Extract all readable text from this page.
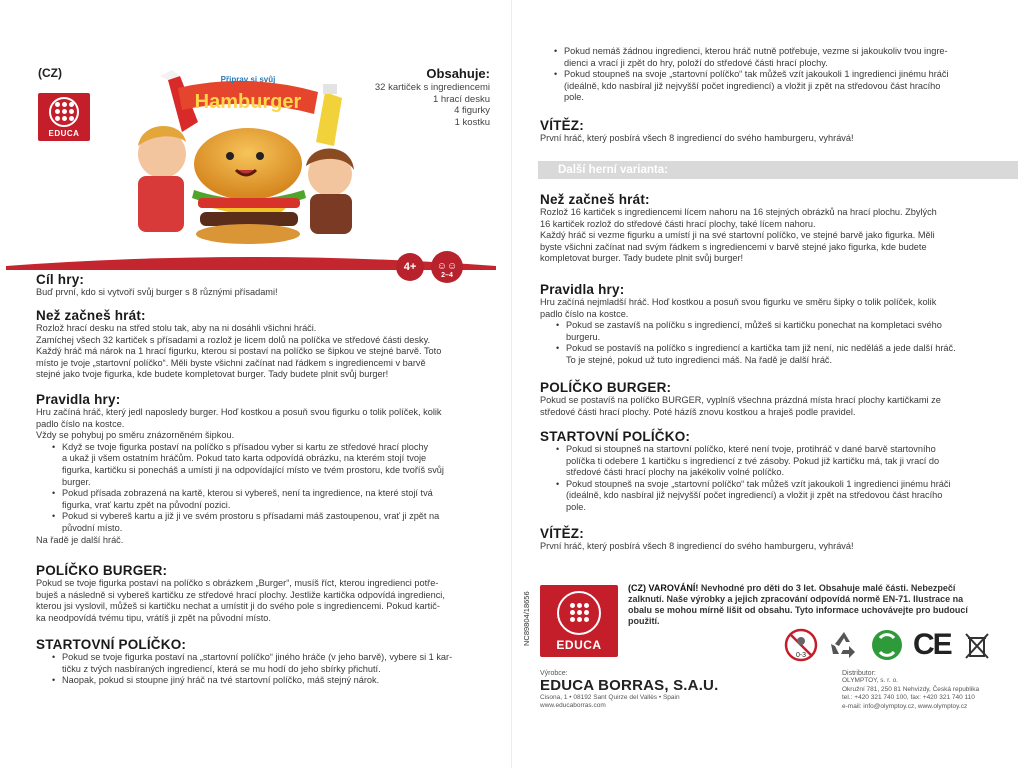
(CZ)
EDUCA
Hamburger
Připrav si svůj	Obsahuje:
32 kartiček s ingrediencemi
1 hrací desku
4 figurky
1 kostku
4+	☺☺
2–4
Cíl hry:

Buď první, kdo si vytvoří svůj burger s 8 různými přísadami!

Než začneš hrát:

Rozlož hrací desku na střed stolu tak, aby na ni dosáhli všichni hráči.

Zamíchej všech 32 kartiček s přísadami a rozlož je licem dolů na políčka ve středové části desky.

Každý hráč má nárok na 1 hrací figurku, kterou si postaví na políčko se šipkou ve stejné barvě. Toto

místo je tvoje „startovní políčko“. Měli byste všichni začínat nad řádkem s ingrediencemi v barvě

stejné jako tvoje figurka, kde budete kompletovat burger. Tady budete plnit svůj burger!

Pravidla hry:

Hru začíná hráč, který jedl naposledy burger. Hoď kostkou a posuň svou figurku o tolik políček, kolik

padlo číslo na kostce.

Vždy se pohybuj po směru znázorněném šipkou.

• Když se tvoje figurka postaví na políčko s přísadou vyber si kartu ze středové hrací plochy

a ukaž ji všem ostatním hráčům. Pokud tato karta odpovídá obrázku, na kterém stojí tvoje

figurka, kartičku si ponecháš a umísti ji na odpovídající místo ve tvém prostoru, kde tvoříš svůj

burger.

• Pokud přísada zobrazená na kartě, kterou si vybereš, není ta ingredience, na které stojí tvá

figurka, vrať kartu zpět na původní pozici.

• Pokud si vybereš kartu a již ji ve svém prostoru s přísadami máš zastoupenou, vrať ji zpět na

původní místo.

Na řadě je další hráč.

POLÍČKO BURGER:

Pokud se tvoje figurka postaví na políčko s obrázkem „Burger“, musíš říct, kterou ingredienci potře-

buješ a následně si vybereš kartičku ze středové hrací plochy. Jestliže kartička odpovídá ingredienci,

kterou jsi vyslovil, můžeš si kartičku nechat a umístit ji do svého pole s ingrediencemi. Pokud kartič-

ka neodpovídá tvému tipu, vrátíš ji zpět na původní místo.

STARTOVNÍ POLÍČKO:

• Pokud se tvoje figurka postaví na „startovní políčko“ jiného hráče (v jeho barvě), vybere si 1 kar-

tičku z tvých nasbíraných ingrediencí, která se mu hodí do jeho sbírky přichutí.

• Naopak, pokud si stoupne jiný hráč na tvé startovní políčko, máš stejný nárok.

• Pokud nemáš žádnou ingredienci, kterou hráč nutně potřebuje, vezme si jakoukoliv tvou ingre-

dienci a vrací ji zpět do hry, položí do středové části hrací plochy.

• Pokud stoupneš na svoje „startovní políčko“ tak můžeš vzít jakoukoli 1 ingredienci jinému hráči

(ideálně, kdo nasbíral již nejvyšší počet ingrediencí) a vložit ji zpět na středovou část hracího

pole.

VÍTĚZ:

První hráč, který posbírá všech 8 ingrediencí do svého hamburgeru, vyhrává!

Další herní varianta:
Než začneš hrát:

Rozlož 16 kartiček s ingrediencemi lícem nahoru na 16 stejných obrázků na hrací plochu. Zbylých

16 kartiček rozlož do středové části hrací plochy, také lícem nahoru.

Každý hráč si vezme figurku a umístí ji na své startovní políčko, ve stejné barvě jako figurka. Měli

byste všichni začínat nad svým řádkem s ingrediencemi v barvě stejné jako figurka, kde budete

kompletovat burger. Tady budete plnit svůj burger!

Pravidla hry:

Hru začíná nejmladší hráč. Hoď kostkou a posuň svou figurku ve směru šipky o tolik políček, kolik

padlo číslo na kostce.

• Pokud se zastavíš na políčku s ingrediencí, můžeš si kartičku ponechat na kompletaci svého

burgeru.

• Pokud se postavíš na políčko s ingrediencí a kartička tam již není, nic neděláš a jede další hráč.

To je stejné, pokud už tuto ingredienci máš. Na řadě je další hráč.

POLÍČKO BURGER:

Pokud se postavíš na políčko BURGER, vyplníš všechna prázdná místa hrací plochy kartičkami ze

středové části hrací plochy. Poté házíš znovu kostkou a hraješ podle pravidel.

STARTOVNÍ POLÍČKO:

• Pokud si stoupneš na startovní políčko, které není tvoje, protihráč v dané barvě startovního

políčka ti odebere 1 kartičku s ingrediencí z tvé zásoby. Pokud již kartičku má, tak ji vrací do

středové části hrací plochy na jakékoliv volné políčko.

• Pokud stoupneš na svoje „startovní políčko“ tak můžeš vzít jakoukoli 1 ingredienci jinému hráči

(ideálně, kdo nasbíral již nejvyšší počet ingrediencí) a vložit ji zpět na středovou část hracího

pole.

VÍTĚZ:

První hráč, který posbírá všech 8 ingrediencí do svého hamburgeru, vyhrává!

NC89804/18656 EDUCA
(CZ) VAROVÁNÍ! Nevhodné pro děti do 3 let. Obsahuje malé části. Nebezpečí
zalknutí. Naše výrobky a jejich zpracování odpovídá normě EN-71. Ilustrace na
obalu se mohou mírně lišit od obsahu. Tyto informace uchovávejte pro budoucí
použití.
0-3	CE
Výrobce:
EDUCA BORRAS, S.A.U.
Cisona, 1 • 08192 Sant Quirze del Vallès • Spain
www.educaborras.com
Distributor:
OLYMPTOY, s. r. o.
Okružní 781, 250 81 Nehvizdy, Česká republika
tel.: +420 321 740 100, fax: +420 321 740 110
e-mail: info@olymptoy.cz, www.olymptoy.cz
